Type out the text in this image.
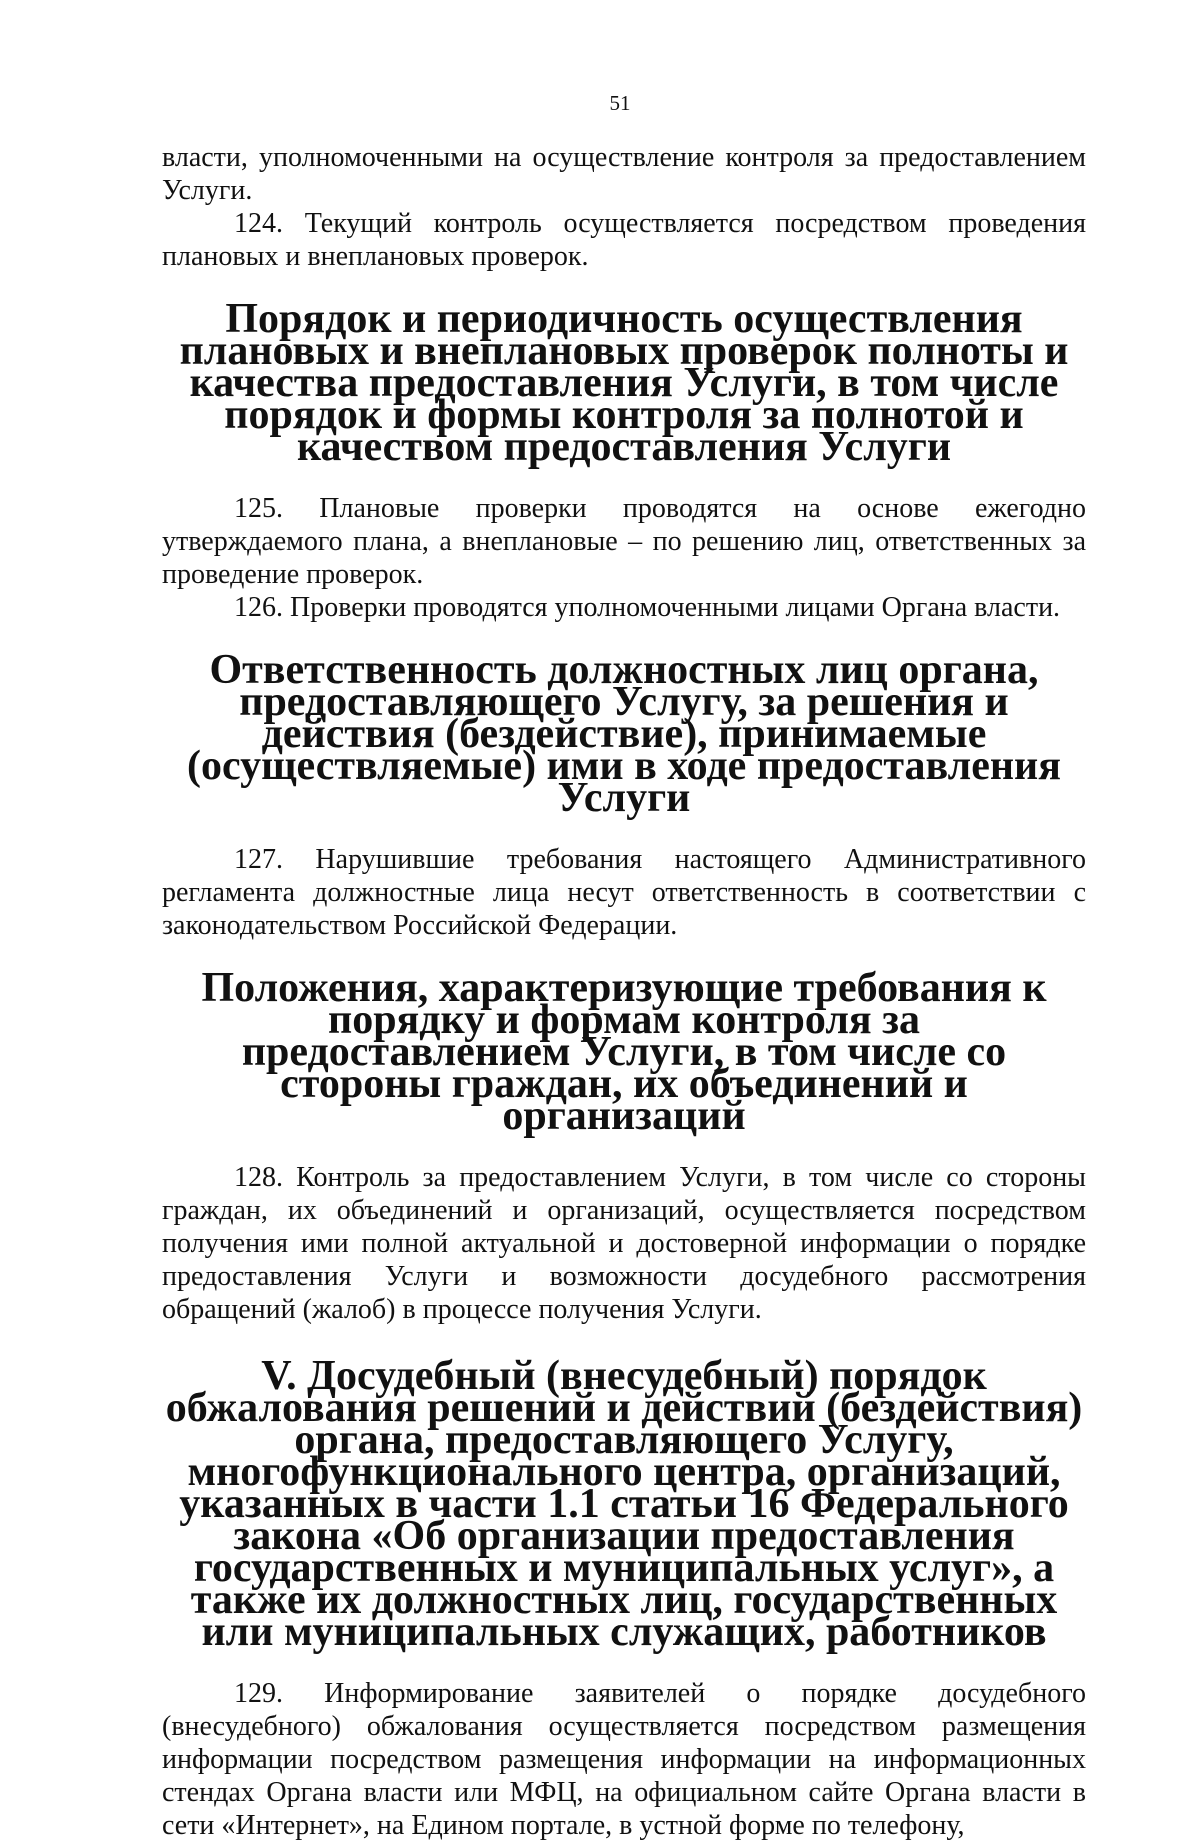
51

власти, уполномоченными на осуществление контроля за предоставлением Услуги.

124. Текущий контроль осуществляется посредством проведения плановых и внеплановых проверок.

Порядок и периодичность осуществления плановых и внеплановых проверок полноты и качества предоставления Услуги, в том числе порядок и формы контроля за полнотой и качеством предоставления Услуги

125. Плановые проверки проводятся на основе ежегодно утверждаемого плана, а внеплановые – по решению лиц, ответственных за проведение проверок.

126. Проверки проводятся уполномоченными лицами Органа власти.

Ответственность должностных лиц органа, предоставляющего Услугу, за решения и действия (бездействие), принимаемые (осуществляемые) ими в ходе предоставления Услуги

127. Нарушившие требования настоящего Административного регламента должностные лица несут ответственность в соответствии с законодательством Российской Федерации.

Положения, характеризующие требования к порядку и формам контроля за предоставлением Услуги, в том числе со стороны граждан, их объединений и организаций

128. Контроль за предоставлением Услуги, в том числе со стороны граждан, их объединений и организаций, осуществляется посредством получения ими полной актуальной и достоверной информации о порядке предоставления Услуги и возможности досудебного рассмотрения обращений (жалоб) в процессе получения Услуги.

V. Досудебный (внесудебный) порядок обжалования решений и действий (бездействия) органа, предоставляющего Услугу, многофункционального центра, организаций, указанных в части 1.1 статьи 16 Федерального закона «Об организации предоставления государственных и муниципальных услуг», а также их должностных лиц, государственных или муниципальных служащих, работников

129. Информирование заявителей о порядке досудебного (внесудебного) обжалования осуществляется посредством размещения информации посредством размещения информации на информационных стендах Органа власти или МФЦ, на официальном сайте Органа власти в сети «Интернет», на Едином портале, в устной форме по телефону,
